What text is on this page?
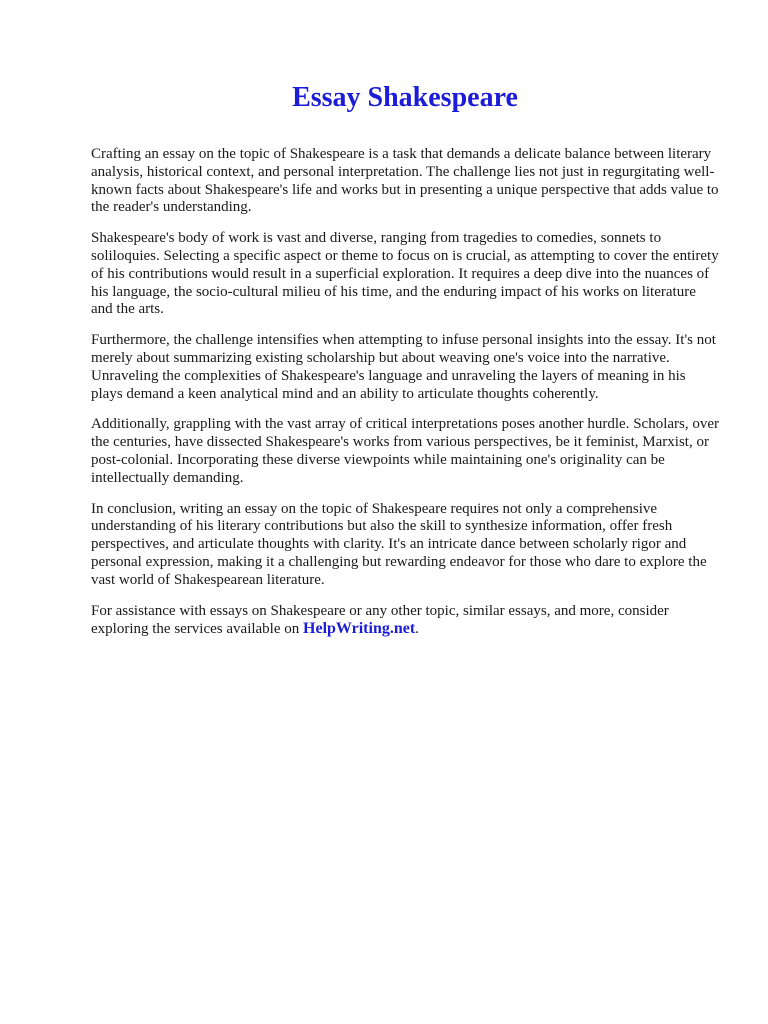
Essay Shakespeare

Crafting an essay on the topic of Shakespeare is a task that demands a delicate balance between literary analysis, historical context, and personal interpretation. The challenge lies not just in regurgitating well-known facts about Shakespeare's life and works but in presenting a unique perspective that adds value to the reader's understanding.

Shakespeare's body of work is vast and diverse, ranging from tragedies to comedies, sonnets to soliloquies. Selecting a specific aspect or theme to focus on is crucial, as attempting to cover the entirety of his contributions would result in a superficial exploration. It requires a deep dive into the nuances of his language, the socio-cultural milieu of his time, and the enduring impact of his works on literature and the arts.

Furthermore, the challenge intensifies when attempting to infuse personal insights into the essay. It's not merely about summarizing existing scholarship but about weaving one's voice into the narrative. Unraveling the complexities of Shakespeare's language and unraveling the layers of meaning in his plays demand a keen analytical mind and an ability to articulate thoughts coherently.

Additionally, grappling with the vast array of critical interpretations poses another hurdle. Scholars, over the centuries, have dissected Shakespeare's works from various perspectives, be it feminist, Marxist, or post-colonial. Incorporating these diverse viewpoints while maintaining one's originality can be intellectually demanding.

In conclusion, writing an essay on the topic of Shakespeare requires not only a comprehensive understanding of his literary contributions but also the skill to synthesize information, offer fresh perspectives, and articulate thoughts with clarity. It's an intricate dance between scholarly rigor and personal expression, making it a challenging but rewarding endeavor for those who dare to explore the vast world of Shakespearean literature.

For assistance with essays on Shakespeare or any other topic, similar essays, and more, consider exploring the services available on HelpWriting.net.
